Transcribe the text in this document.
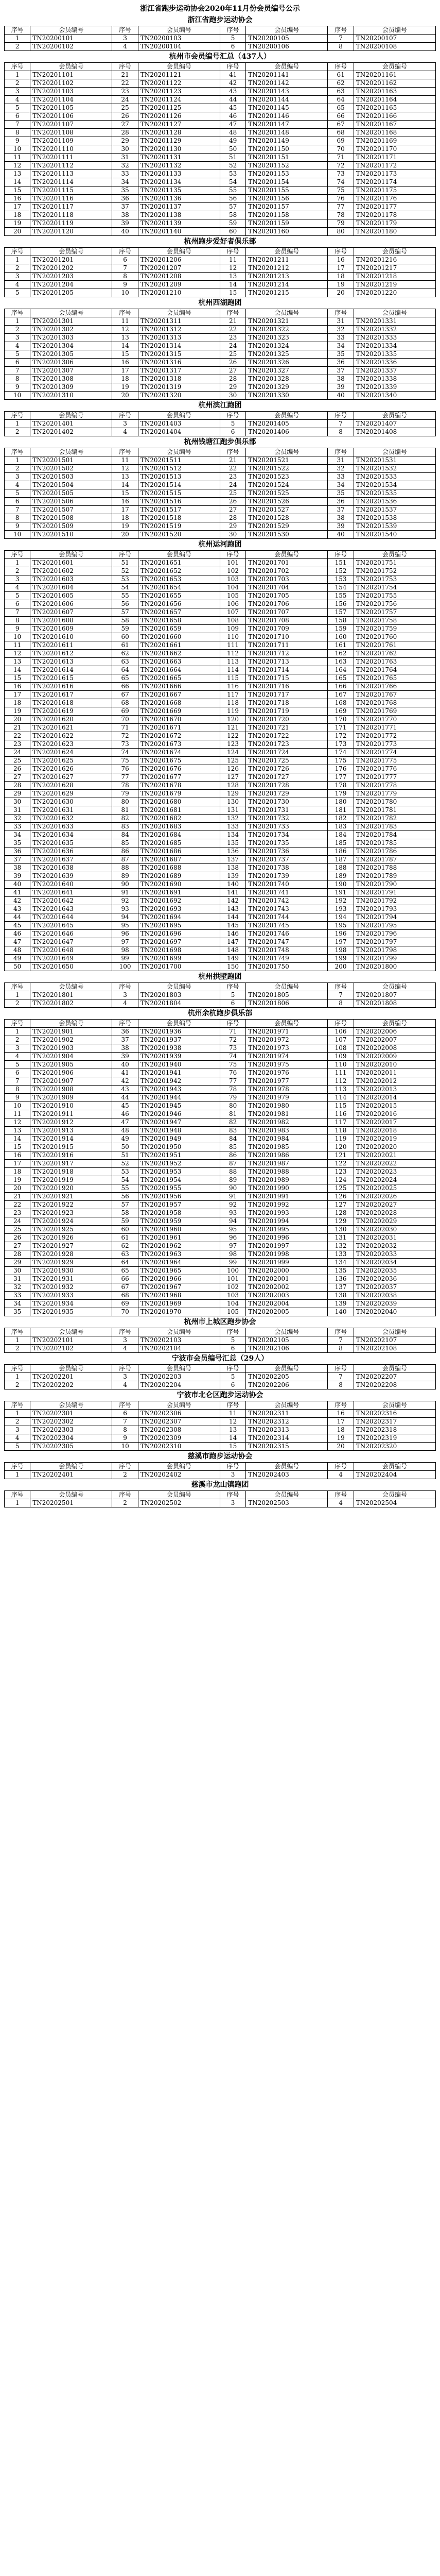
浙江省跑步运动协会2020年11月份会员编号公示
浙江省跑步运动协会
序号	会员编号	序号	会员编号	序号	会员编号	序号	会员编号
1	TN20200101	3	TN20200103	5	TN20200105	7	TN20200107
2	TN20200102	4	TN20200104	6	TN20200106	8	TN20200108
杭州市会员编号汇总（437人）
序号	会员编号	序号	会员编号	序号	会员编号	序号	会员编号
1	TN20201101	21	TN20201121	41	TN20201141	61	TN20201161
2	TN20201102	22	TN20201122	42	TN20201142	62	TN20201162
3	TN20201103	23	TN20201123	43	TN20201143	63	TN20201163
4	TN20201104	24	TN20201124	44	TN20201144	64	TN20201164
5	TN20201105	25	TN20201125	45	TN20201145	65	TN20201165
6	TN20201106	26	TN20201126	46	TN20201146	66	TN20201166
7	TN20201107	27	TN20201127	47	TN20201147	67	TN20201167
8	TN20201108	28	TN20201128	48	TN20201148	68	TN20201168
9	TN20201109	29	TN20201129	49	TN20201149	69	TN20201169
10	TN20201110	30	TN20201130	50	TN20201150	70	TN20201170
11	TN20201111	31	TN20201131	51	TN20201151	71	TN20201171
12	TN20201112	32	TN20201132	52	TN20201152	72	TN20201172
13	TN20201113	33	TN20201133	53	TN20201153	73	TN20201173
14	TN20201114	34	TN20201134	54	TN20201154	74	TN20201174
15	TN20201115	35	TN20201135	55	TN20201155	75	TN20201175
16	TN20201116	36	TN20201136	56	TN20201156	76	TN20201176
17	TN20201117	37	TN20201137	57	TN20201157	77	TN20201177
18	TN20201118	38	TN20201138	58	TN20201158	78	TN20201178
19	TN20201119	39	TN20201139	59	TN20201159	79	TN20201179
20	TN20201120	40	TN20201140	60	TN20201160	80	TN20201180
杭州跑步爱好者俱乐部
序号	会员编号	序号	会员编号	序号	会员编号	序号	会员编号
1	TN20201201	6	TN20201206	11	TN20201211	16	TN20201216
2	TN20201202	7	TN20201207	12	TN20201212	17	TN20201217
3	TN20201203	8	TN20201208	13	TN20201213	18	TN20201218
4	TN20201204	9	TN20201209	14	TN20201214	19	TN20201219
5	TN20201205	10	TN20201210	15	TN20201215	20	TN20201220
杭州西湖跑团
序号	会员编号	序号	会员编号	序号	会员编号	序号	会员编号
1	TN20201301	11	TN20201311	21	TN20201321	31	TN20201331
2	TN20201302	12	TN20201312	22	TN20201322	32	TN20201332
3	TN20201303	13	TN20201313	23	TN20201323	33	TN20201333
4	TN20201304	14	TN20201314	24	TN20201324	34	TN20201334
5	TN20201305	15	TN20201315	25	TN20201325	35	TN20201335
6	TN20201306	16	TN20201316	26	TN20201326	36	TN20201336
7	TN20201307	17	TN20201317	27	TN20201327	37	TN20201337
8	TN20201308	18	TN20201318	28	TN20201328	38	TN20201338
9	TN20201309	19	TN20201319	29	TN20201329	39	TN20201339
10	TN20201310	20	TN20201320	30	TN20201330	40	TN20201340
杭州滨江跑团
序号	会员编号	序号	会员编号	序号	会员编号	序号	会员编号
1	TN20201401	3	TN20201403	5	TN20201405	7	TN20201407
2	TN20201402	4	TN20201404	6	TN20201406	8	TN20201408
杭州钱塘江跑步俱乐部
序号	会员编号	序号	会员编号	序号	会员编号	序号	会员编号
1	TN20201501	11	TN20201511	21	TN20201521	31	TN20201531
2	TN20201502	12	TN20201512	22	TN20201522	32	TN20201532
3	TN20201503	13	TN20201513	23	TN20201523	33	TN20201533
4	TN20201504	14	TN20201514	24	TN20201524	34	TN20201534
5	TN20201505	15	TN20201515	25	TN20201525	35	TN20201535
6	TN20201506	16	TN20201516	26	TN20201526	36	TN20201536
7	TN20201507	17	TN20201517	27	TN20201527	37	TN20201537
8	TN20201508	18	TN20201518	28	TN20201528	38	TN20201538
9	TN20201509	19	TN20201519	29	TN20201529	39	TN20201539
10	TN20201510	20	TN20201520	30	TN20201530	40	TN20201540
杭州运河跑团
序号	会员编号	序号	会员编号	序号	会员编号	序号	会员编号
1	TN20201601	51	TN20201651	101	TN20201701	151	TN20201751
2	TN20201602	52	TN20201652	102	TN20201702	152	TN20201752
3	TN20201603	53	TN20201653	103	TN20201703	153	TN20201753
4	TN20201604	54	TN20201654	104	TN20201704	154	TN20201754
5	TN20201605	55	TN20201655	105	TN20201705	155	TN20201755
6	TN20201606	56	TN20201656	106	TN20201706	156	TN20201756
7	TN20201607	57	TN20201657	107	TN20201707	157	TN20201757
8	TN20201608	58	TN20201658	108	TN20201708	158	TN20201758
9	TN20201609	59	TN20201659	109	TN20201709	159	TN20201759
10	TN20201610	60	TN20201660	110	TN20201710	160	TN20201760
11	TN20201611	61	TN20201661	111	TN20201711	161	TN20201761
12	TN20201612	62	TN20201662	112	TN20201712	162	TN20201762
13	TN20201613	63	TN20201663	113	TN20201713	163	TN20201763
14	TN20201614	64	TN20201664	114	TN20201714	164	TN20201764
15	TN20201615	65	TN20201665	115	TN20201715	165	TN20201765
16	TN20201616	66	TN20201666	116	TN20201716	166	TN20201766
17	TN20201617	67	TN20201667	117	TN20201717	167	TN20201767
18	TN20201618	68	TN20201668	118	TN20201718	168	TN20201768
19	TN20201619	69	TN20201669	119	TN20201719	169	TN20201769
20	TN20201620	70	TN20201670	120	TN20201720	170	TN20201770
21	TN20201621	71	TN20201671	121	TN20201721	171	TN20201771
22	TN20201622	72	TN20201672	122	TN20201722	172	TN20201772
23	TN20201623	73	TN20201673	123	TN20201723	173	TN20201773
24	TN20201624	74	TN20201674	124	TN20201724	174	TN20201774
25	TN20201625	75	TN20201675	125	TN20201725	175	TN20201775
26	TN20201626	76	TN20201676	126	TN20201726	176	TN20201776
27	TN20201627	77	TN20201677	127	TN20201727	177	TN20201777
28	TN20201628	78	TN20201678	128	TN20201728	178	TN20201778
29	TN20201629	79	TN20201679	129	TN20201729	179	TN20201779
30	TN20201630	80	TN20201680	130	TN20201730	180	TN20201780
31	TN20201631	81	TN20201681	131	TN20201731	181	TN20201781
32	TN20201632	82	TN20201682	132	TN20201732	182	TN20201782
33	TN20201633	83	TN20201683	133	TN20201733	183	TN20201783
34	TN20201634	84	TN20201684	134	TN20201734	184	TN20201784
35	TN20201635	85	TN20201685	135	TN20201735	185	TN20201785
36	TN20201636	86	TN20201686	136	TN20201736	186	TN20201786
37	TN20201637	87	TN20201687	137	TN20201737	187	TN20201787
38	TN20201638	88	TN20201688	138	TN20201738	188	TN20201788
39	TN20201639	89	TN20201689	139	TN20201739	189	TN20201789
40	TN20201640	90	TN20201690	140	TN20201740	190	TN20201790
41	TN20201641	91	TN20201691	141	TN20201741	191	TN20201791
42	TN20201642	92	TN20201692	142	TN20201742	192	TN20201792
43	TN20201643	93	TN20201693	143	TN20201743	193	TN20201793
44	TN20201644	94	TN20201694	144	TN20201744	194	TN20201794
45	TN20201645	95	TN20201695	145	TN20201745	195	TN20201795
46	TN20201646	96	TN20201696	146	TN20201746	196	TN20201796
47	TN20201647	97	TN20201697	147	TN20201747	197	TN20201797
48	TN20201648	98	TN20201698	148	TN20201748	198	TN20201798
49	TN20201649	99	TN20201699	149	TN20201749	199	TN20201799
50	TN20201650	100	TN20201700	150	TN20201750	200	TN20201800
杭州拱墅跑团
序号	会员编号	序号	会员编号	序号	会员编号	序号	会员编号
1	TN20201801	3	TN20201803	5	TN20201805	7	TN20201807
2	TN20201802	4	TN20201804	6	TN20201806	8	TN20201808
杭州余杭跑步俱乐部
序号	会员编号	序号	会员编号	序号	会员编号	序号	会员编号
1	TN20201901	36	TN20201936	71	TN20201971	106	TN20202006
2	TN20201902	37	TN20201937	72	TN20201972	107	TN20202007
3	TN20201903	38	TN20201938	73	TN20201973	108	TN20202008
4	TN20201904	39	TN20201939	74	TN20201974	109	TN20202009
5	TN20201905	40	TN20201940	75	TN20201975	110	TN20202010
6	TN20201906	41	TN20201941	76	TN20201976	111	TN20202011
7	TN20201907	42	TN20201942	77	TN20201977	112	TN20202012
8	TN20201908	43	TN20201943	78	TN20201978	113	TN20202013
9	TN20201909	44	TN20201944	79	TN20201979	114	TN20202014
10	TN20201910	45	TN20201945	80	TN20201980	115	TN20202015
11	TN20201911	46	TN20201946	81	TN20201981	116	TN20202016
12	TN20201912	47	TN20201947	82	TN20201982	117	TN20202017
13	TN20201913	48	TN20201948	83	TN20201983	118	TN20202018
14	TN20201914	49	TN20201949	84	TN20201984	119	TN20202019
15	TN20201915	50	TN20201950	85	TN20201985	120	TN20202020
16	TN20201916	51	TN20201951	86	TN20201986	121	TN20202021
17	TN20201917	52	TN20201952	87	TN20201987	122	TN20202022
18	TN20201918	53	TN20201953	88	TN20201988	123	TN20202023
19	TN20201919	54	TN20201954	89	TN20201989	124	TN20202024
20	TN20201920	55	TN20201955	90	TN20201990	125	TN20202025
21	TN20201921	56	TN20201956	91	TN20201991	126	TN20202026
22	TN20201922	57	TN20201957	92	TN20201992	127	TN20202027
23	TN20201923	58	TN20201958	93	TN20201993	128	TN20202028
24	TN20201924	59	TN20201959	94	TN20201994	129	TN20202029
25	TN20201925	60	TN20201960	95	TN20201995	130	TN20202030
26	TN20201926	61	TN20201961	96	TN20201996	131	TN20202031
27	TN20201927	62	TN20201962	97	TN20201997	132	TN20202032
28	TN20201928	63	TN20201963	98	TN20201998	133	TN20202033
29	TN20201929	64	TN20201964	99	TN20201999	134	TN20202034
30	TN20201930	65	TN20201965	100	TN20202000	135	TN20202035
31	TN20201931	66	TN20201966	101	TN20202001	136	TN20202036
32	TN20201932	67	TN20201967	102	TN20202002	137	TN20202037
33	TN20201933	68	TN20201968	103	TN20202003	138	TN20202038
34	TN20201934	69	TN20201969	104	TN20202004	139	TN20202039
35	TN20201935	70	TN20201970	105	TN20202005	140	TN20202040
杭州市上城区跑步协会
序号	会员编号	序号	会员编号	序号	会员编号	序号	会员编号
1	TN20202101	3	TN20202103	5	TN20202105	7	TN20202107
2	TN20202102	4	TN20202104	6	TN20202106	8	TN20202108
宁波市会员编号汇总（29人）
序号	会员编号	序号	会员编号	序号	会员编号	序号	会员编号
1	TN20202201	3	TN20202203	5	TN20202205	7	TN20202207
2	TN20202202	4	TN20202204	6	TN20202206	8	TN20202208
宁波市北仑区跑步运动协会
序号	会员编号	序号	会员编号	序号	会员编号	序号	会员编号
1	TN20202301	6	TN20202306	11	TN20202311	16	TN20202316
2	TN20202302	7	TN20202307	12	TN20202312	17	TN20202317
3	TN20202303	8	TN20202308	13	TN20202313	18	TN20202318
4	TN20202304	9	TN20202309	14	TN20202314	19	TN20202319
5	TN20202305	10	TN20202310	15	TN20202315	20	TN20202320
慈溪市跑步运动协会
序号	会员编号	序号	会员编号	序号	会员编号	序号	会员编号
1	TN20202401	2	TN20202402	3	TN20202403	4	TN20202404
慈溪市龙山镇跑团
序号	会员编号	序号	会员编号	序号	会员编号	序号	会员编号
1	TN20202501	2	TN20202502	3	TN20202503	4	TN20202504
